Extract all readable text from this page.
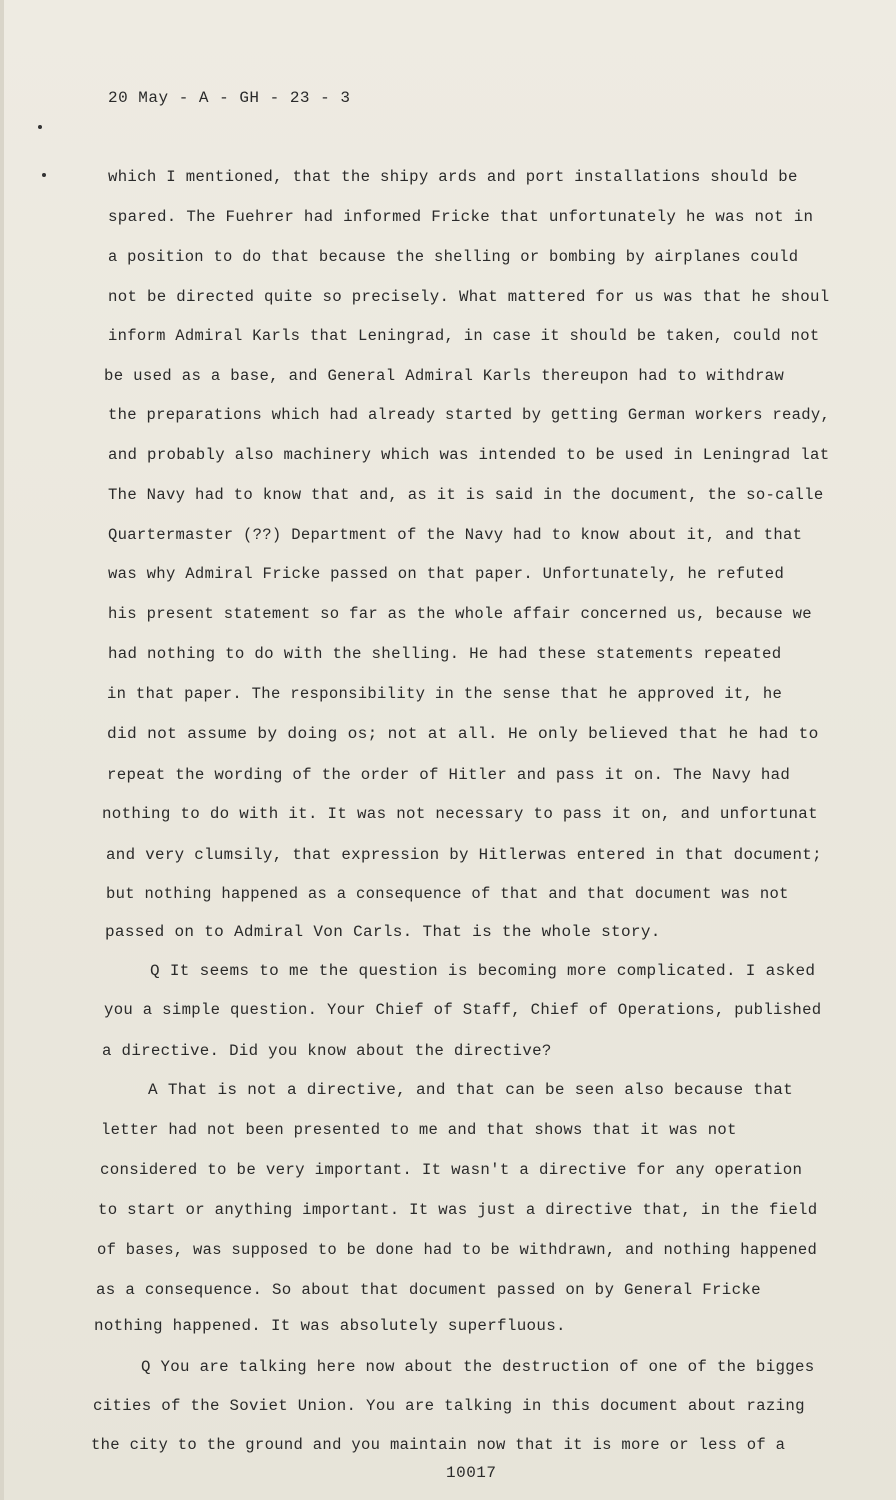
20 May - A - GH - 23 - 3
which I mentioned, that the shipy ards and port installations should be
spared. The Fuehrer had informed Fricke that unfortunately he was not in
a position to do that because the shelling or bombing by airplanes could
not be directed quite so precisely. What mattered for us was that he shoul
inform Admiral Karls that Leningrad, in case it should be taken, could not
be used as a base, and General Admiral Karls thereupon had to withdraw
the preparations which had already started by getting German workers ready,
and probably also machinery which was intended to be used in Leningrad lat
The Navy had to know that and, as it is said in the document, the so-calle
Quartermaster (??) Department of the Navy had to know about it, and that
was why Admiral Fricke passed on that paper. Unfortunately, he refuted
his present statement so far as the whole affair concerned us, because we
had nothing to do with the shelling. He had these statements repeated
in that paper. The responsibility in the sense that he approved it, he
did not assume by doing os; not at all. He only believed that he had to
repeat the wording of the order of Hitler and pass it on. The Navy had
nothing to do with it. It was not necessary to pass it on, and unfortunat
and very clumsily, that expression by Hitlerwas entered in that document;
but nothing happened as a consequence of that and that document was not
passed on to Admiral Von Carls. That is the whole story.
Q It seems to me the question is becoming more complicated. I asked
you a simple question. Your Chief of Staff, Chief of Operations, published
a directive. Did you know about the directive?
A That is not a directive, and that can be seen also because that
letter had not been presented to me and that shows that it was not
considered to be very important. It wasn't a directive for any operation
to start or anything important. It was just a directive that, in the field
of bases, was supposed to be done had to be withdrawn, and nothing happened
as a consequence. So about that document passed on by General Fricke
nothing happened. It was absolutely superfluous.
Q You are talking here now about the destruction of one of the bigges
cities of the Soviet Union. You are talking in this document about razing
the city to the ground and you maintain now that it is more or less of a
10017
